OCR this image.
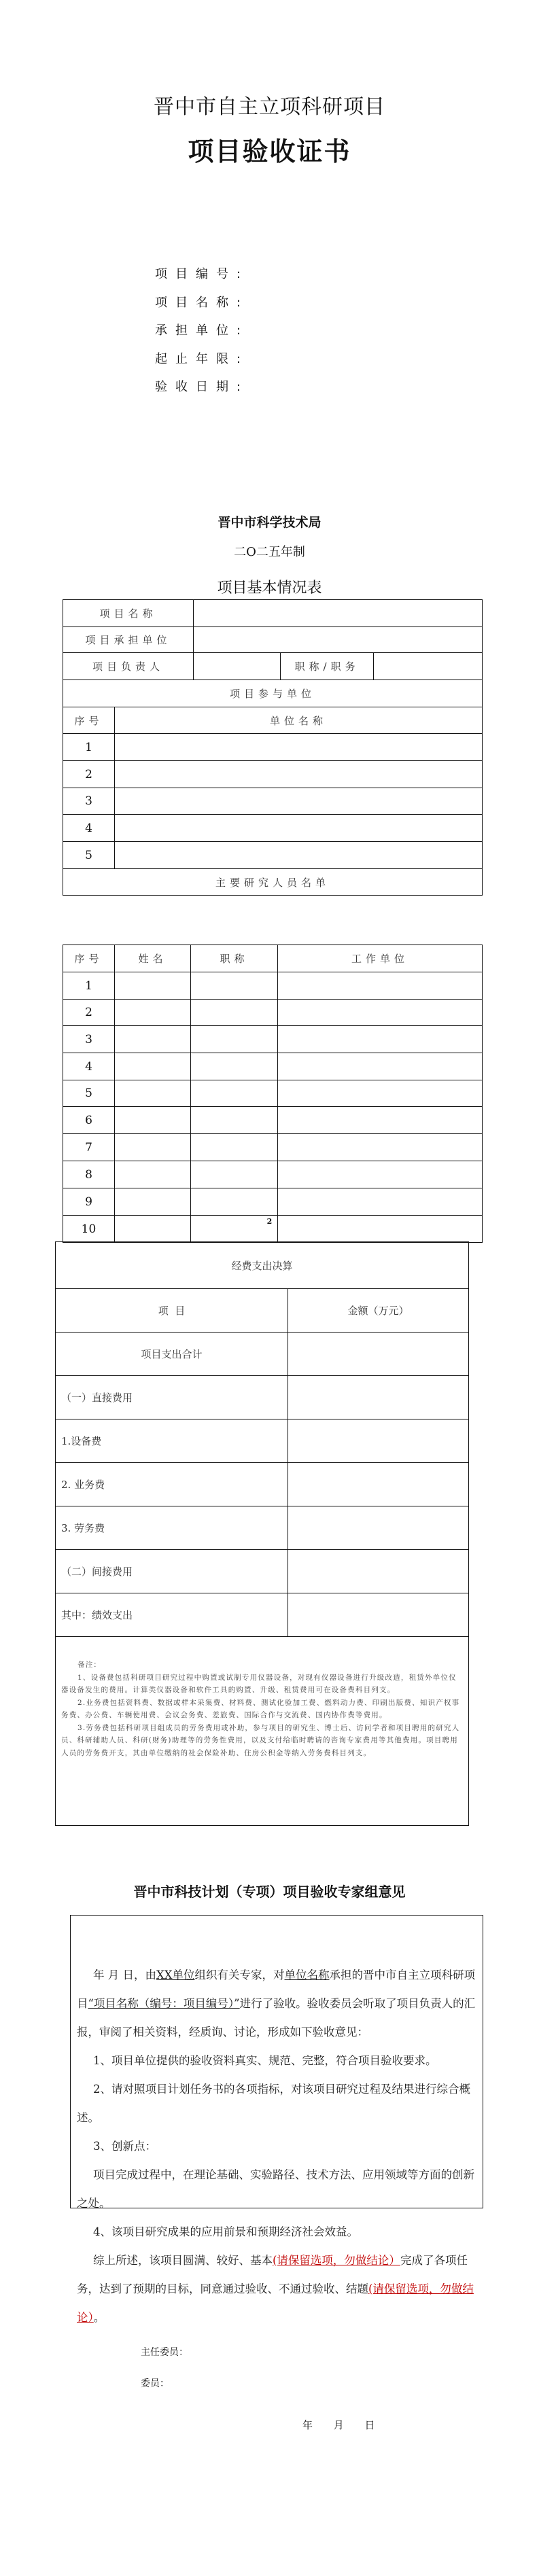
晋中市自主立项科研项目
项目验收证书
项目编号:
项目名称:
承担单位:
起止年限:
验收日期:
晋中市科学技术局
二O二五年制
项目基本情况表
项目名称				
项目承担单位				
项目负责人			职称/职务	
项目参与单位				
序号	单位名称			
1				
2				
3				
4				
5				
主要研究人员名单				
序号	姓名	职称	工作单位
1			
2			
3			
4			
5			
6			
7			
8			
9			
10			
2
经费支出决算	
项  目	金额（万元）
项目支出合计	
（一）直接费用	
1.设备费	
2. 业务费	
3. 劳务费	
（二）间接费用	
其中：绩效支出	

备注：
1、设备费包括科研项目研究过程中购置或试制专用仪器设备，对现有仪器设备进行升级改造，租赁外单位仪器设备发生的费用。计算类仪器设备和软件工具的购置、升级、租赁费用可在设备费科目列支。
2.业务费包括资料费、数据或样本采集费、材料费、测试化验加工费、燃料动力费、印刷出版费、知识产权事务费、办公费、车辆使用费、会议会务费、差旅费、国际合作与交流费、国内协作费等费用。
3.劳务费包括科研项目组成员的劳务费用或补助，参与项目的研究生、博士后、访问学者和项目聘用的研究人员、科研辅助人员、科研(财务)助理等的劳务性费用，以及支付给临时聘请的咨询专家费用等其他费用。项目聘用人员的劳务费开支，其由单位缴纳的社会保险补助、住房公积金等纳入劳务费科目列支。	
晋中市科技计划（专项）项目验收专家组意见

年 月 日，由XX单位组织有关专家，对单位名称承担的晋中市自主立项科研项目“项目名称（编号：项目编号）”进行了验收。验收委员会听取了项目负责人的汇报，审阅了相关资料，经质询、讨论，形成如下验收意见：

1、项目单位提供的验收资料真实、规范、完整，符合项目验收要求。

2、请对照项目计划任务书的各项指标，对该项目研究过程及结果进行综合概述。

3、创新点：

项目完成过程中，在理论基础、实验路径、技术方法、应用领域等方面的创新之处。

4、该项目研究成果的应用前景和预期经济社会效益。

综上所述，该项目圆满、较好、基本(请保留选项，勿做结论）完成了各项任务，达到了预期的目标，同意通过验收、不通过验收、结题(请保留选项，勿做结论）。

主任委员：
委员：
年 月 日
